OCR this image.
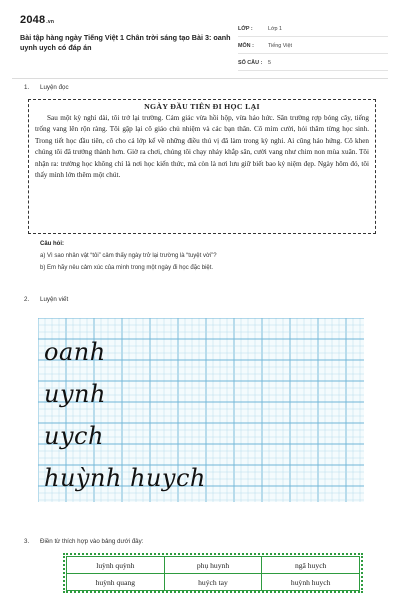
2048.vn
Bài tập hàng ngày Tiếng Việt 1 Chân trời sáng tạo Bài 3: oanh uynh uych có đáp án
LỚP :	Lớp 1
MÔN :	Tiếng Việt
SỐ CÂU : 5
1. Luyện đọc
NGÀY ĐẦU TIÊN ĐI HỌC LẠI
Sau một kỳ nghỉ dài, tôi trở lại trường. Cảm giác vừa hồi hộp, vừa háo hức. Sân trường rợp bóng cây, tiếng trống vang lên rộn ràng. Tôi gặp lại cô giáo chủ nhiệm và các bạn thân. Cô mỉm cười, hỏi thăm từng học sinh. Trong tiết học đầu tiên, cô cho cả lớp kể về những điều thú vị đã làm trong kỳ nghỉ. Ai cũng háo hứng. Cô khen chúng tôi đã trưởng thành hơn. Giờ ra chơi, chúng tôi chạy nhảy khắp sân, cười vang như chim non mùa xuân. Tôi nhận ra: trường học không chỉ là nơi học kiến thức, mà còn là nơi lưu giữ biết bao kỷ niệm đẹp. Ngày hôm đó, tôi thấy mình lớn thêm một chút.
Câu hỏi:
a) Vì sao nhân vật “tôi” cảm thấy ngày trở lại trường là “tuyệt vời”?
b) Em hãy nêu cảm xúc của mình trong một ngày đi học đặc biệt.
2. Luyện viết
oanh
uynh
uych
huỳnh huych
3. Điền từ thích hợp vào bảng dưới đây:
luỳnh quỳnh	phụ huynh	ngã huych
huỳnh quang	huých tay	huỳnh huych
